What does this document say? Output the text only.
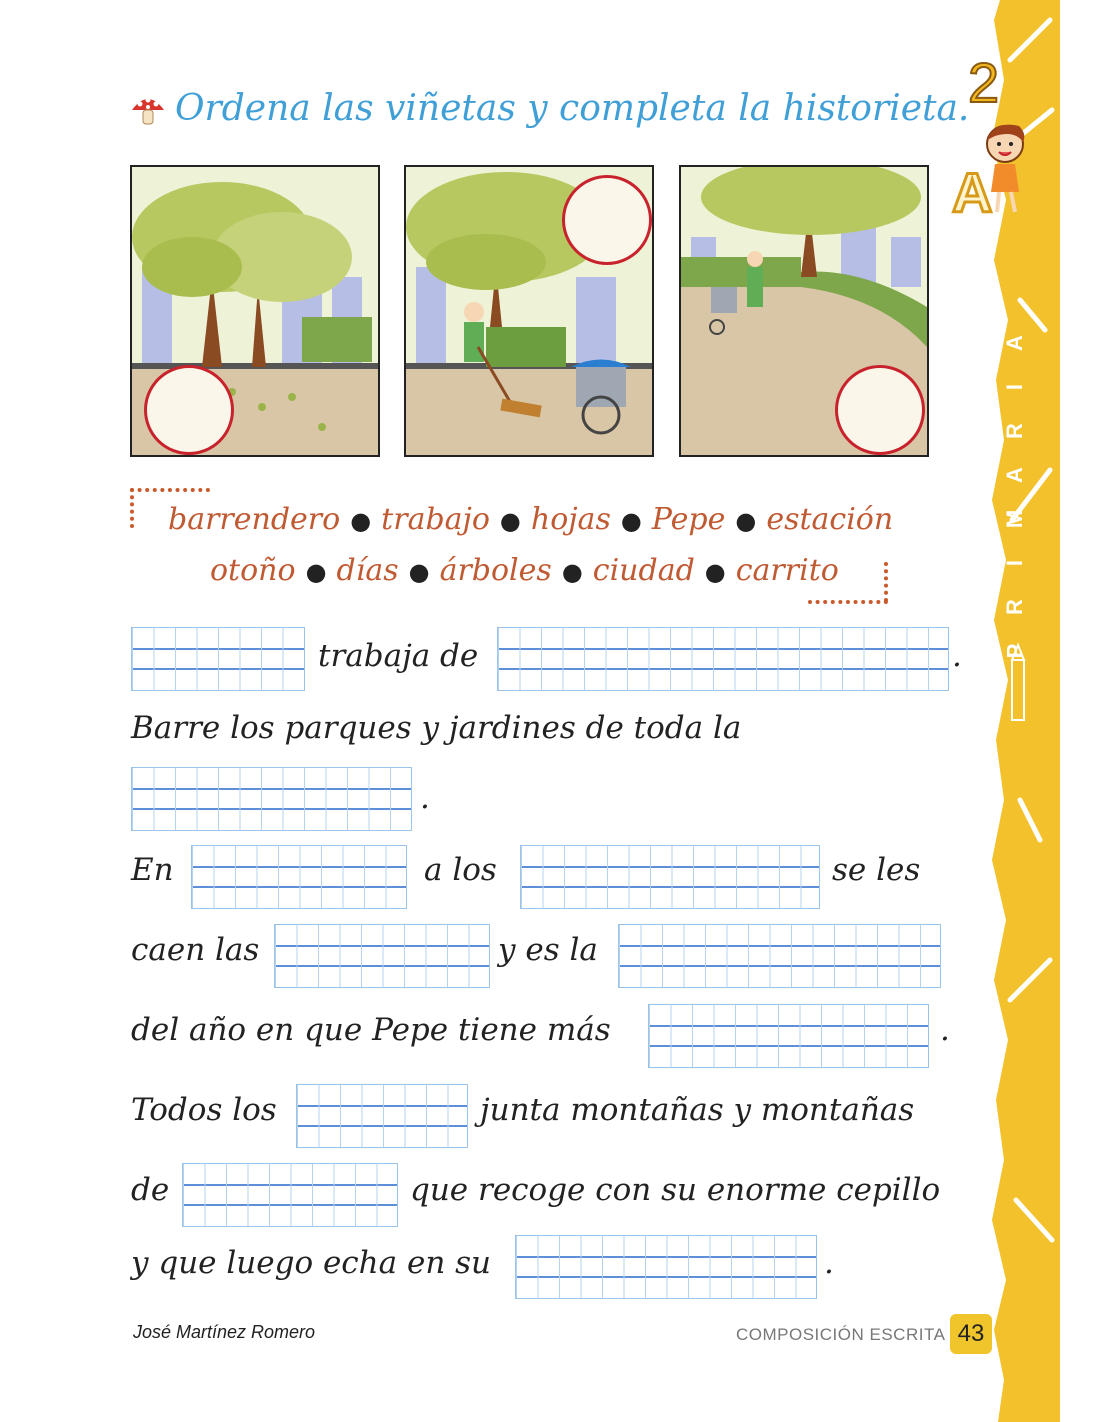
2
A
A
I
R
A
M
I
R
P
Ordena las viñetas y completa la historieta.
barrendero ● trabajo ● hojas ● Pepe ● estación
otoño ● días ● árboles ● ciudad ● carrito
trabaja de	.
Barre los parques y jardines de toda la
.
En	a los	se les
caen las	y es la
del año en que Pepe tiene más	.
Todos los	junta montañas y montañas
de	que recoge con su enorme cepillo
y que luego echa en su	.
José Martínez Romero	COMPOSICIÓN ESCRITA 43
